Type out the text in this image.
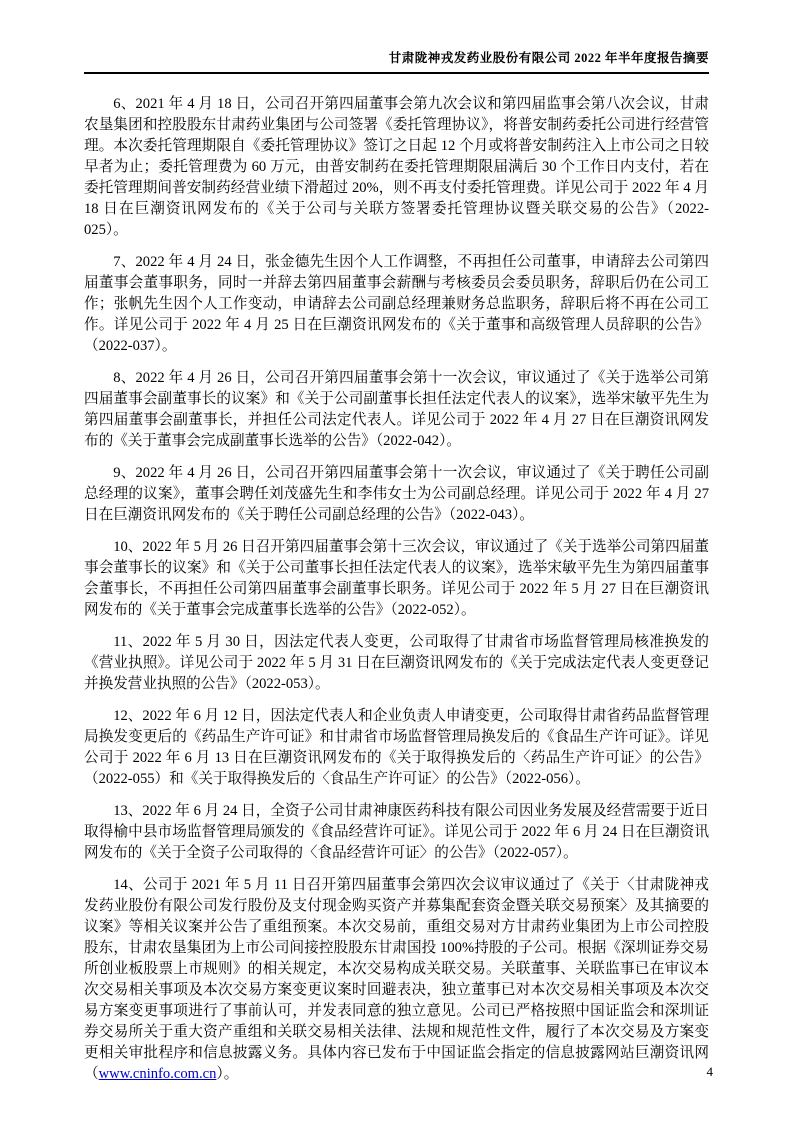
甘肃陇神戎发药业股份有限公司 2022 年半年度报告摘要

6、2021 年 4 月 18 日，公司召开第四届董事会第九次会议和第四届监事会第八次会议，甘肃农垦集团和控股股东甘肃药业集团与公司签署《委托管理协议》，将普安制药委托公司进行经营管理。本次委托管理期限自《委托管理协议》签订之日起 12 个月或将普安制药注入上市公司之日较早者为止；委托管理费为 60 万元，由普安制药在委托管理期限届满后 30 个工作日内支付，若在委托管理期间普安制药经营业绩下滑超过 20%，则不再支付委托管理费。详见公司于 2022 年 4 月 18 日在巨潮资讯网发布的《关于公司与关联方签署委托管理协议暨关联交易的公告》（2022-025）。

7、2022 年 4 月 24 日，张金德先生因个人工作调整，不再担任公司董事，申请辞去公司第四届董事会董事职务，同时一并辞去第四届董事会薪酬与考核委员会委员职务，辞职后仍在公司工作；张帆先生因个人工作变动，申请辞去公司副总经理兼财务总监职务，辞职后将不再在公司工作。详见公司于 2022 年 4 月 25 日在巨潮资讯网发布的《关于董事和高级管理人员辞职的公告》（2022-037）。

8、2022 年 4 月 26 日，公司召开第四届董事会第十一次会议，审议通过了《关于选举公司第四届董事会副董事长的议案》和《关于公司副董事长担任法定代表人的议案》，选举宋敏平先生为第四届董事会副董事长，并担任公司法定代表人。详见公司于 2022 年 4 月 27 日在巨潮资讯网发布的《关于董事会完成副董事长选举的公告》（2022-042）。

9、2022 年 4 月 26 日，公司召开第四届董事会第十一次会议，审议通过了《关于聘任公司副总经理的议案》，董事会聘任刘茂盛先生和李伟女士为公司副总经理。详见公司于 2022 年 4 月 27 日在巨潮资讯网发布的《关于聘任公司副总经理的公告》（2022-043）。

10、2022 年 5 月 26 日召开第四届董事会第十三次会议，审议通过了《关于选举公司第四届董事会董事长的议案》和《关于公司董事长担任法定代表人的议案》，选举宋敏平先生为第四届董事会董事长，不再担任公司第四届董事会副董事长职务。详见公司于 2022 年 5 月 27 日在巨潮资讯网发布的《关于董事会完成董事长选举的公告》（2022-052）。

11、2022 年 5 月 30 日，因法定代表人变更，公司取得了甘肃省市场监督管理局核准换发的《营业执照》。详见公司于 2022 年 5 月 31 日在巨潮资讯网发布的《关于完成法定代表人变更登记并换发营业执照的公告》（2022-053）。

12、2022 年 6 月 12 日，因法定代表人和企业负责人申请变更，公司取得甘肃省药品监督管理局换发变更后的《药品生产许可证》和甘肃省市场监督管理局换发后的《食品生产许可证》。详见公司于 2022 年 6 月 13 日在巨潮资讯网发布的《关于取得换发后的〈药品生产许可证〉的公告》（2022-055）和《关于取得换发后的〈食品生产许可证〉的公告》（2022-056）。

13、2022 年 6 月 24 日，全资子公司甘肃神康医药科技有限公司因业务发展及经营需要于近日取得榆中县市场监督管理局颁发的《食品经营许可证》。详见公司于 2022 年 6 月 24 日在巨潮资讯网发布的《关于全资子公司取得的〈食品经营许可证〉的公告》（2022-057）。

14、公司于 2021 年 5 月 11 日召开第四届董事会第四次会议审议通过了《关于〈甘肃陇神戎发药业股份有限公司发行股份及支付现金购买资产并募集配套资金暨关联交易预案〉及其摘要的议案》等相关议案并公告了重组预案。本次交易前，重组交易对方甘肃药业集团为上市公司控股股东，甘肃农垦集团为上市公司间接控股股东甘肃国投 100%持股的子公司。根据《深圳证券交易所创业板股票上市规则》的相关规定，本次交易构成关联交易。关联董事、关联监事已在审议本次交易相关事项及本次交易方案变更议案时回避表决，独立董事已对本次交易相关事项及本次交易方案变更事项进行了事前认可，并发表同意的独立意见。公司已严格按照中国证监会和深圳证券交易所关于重大资产重组和关联交易相关法律、法规和规范性文件，履行了本次交易及方案变更相关审批程序和信息披露义务。具体内容已发布于中国证监会指定的信息披露网站巨潮资讯网（www.cninfo.com.cn）。	4
